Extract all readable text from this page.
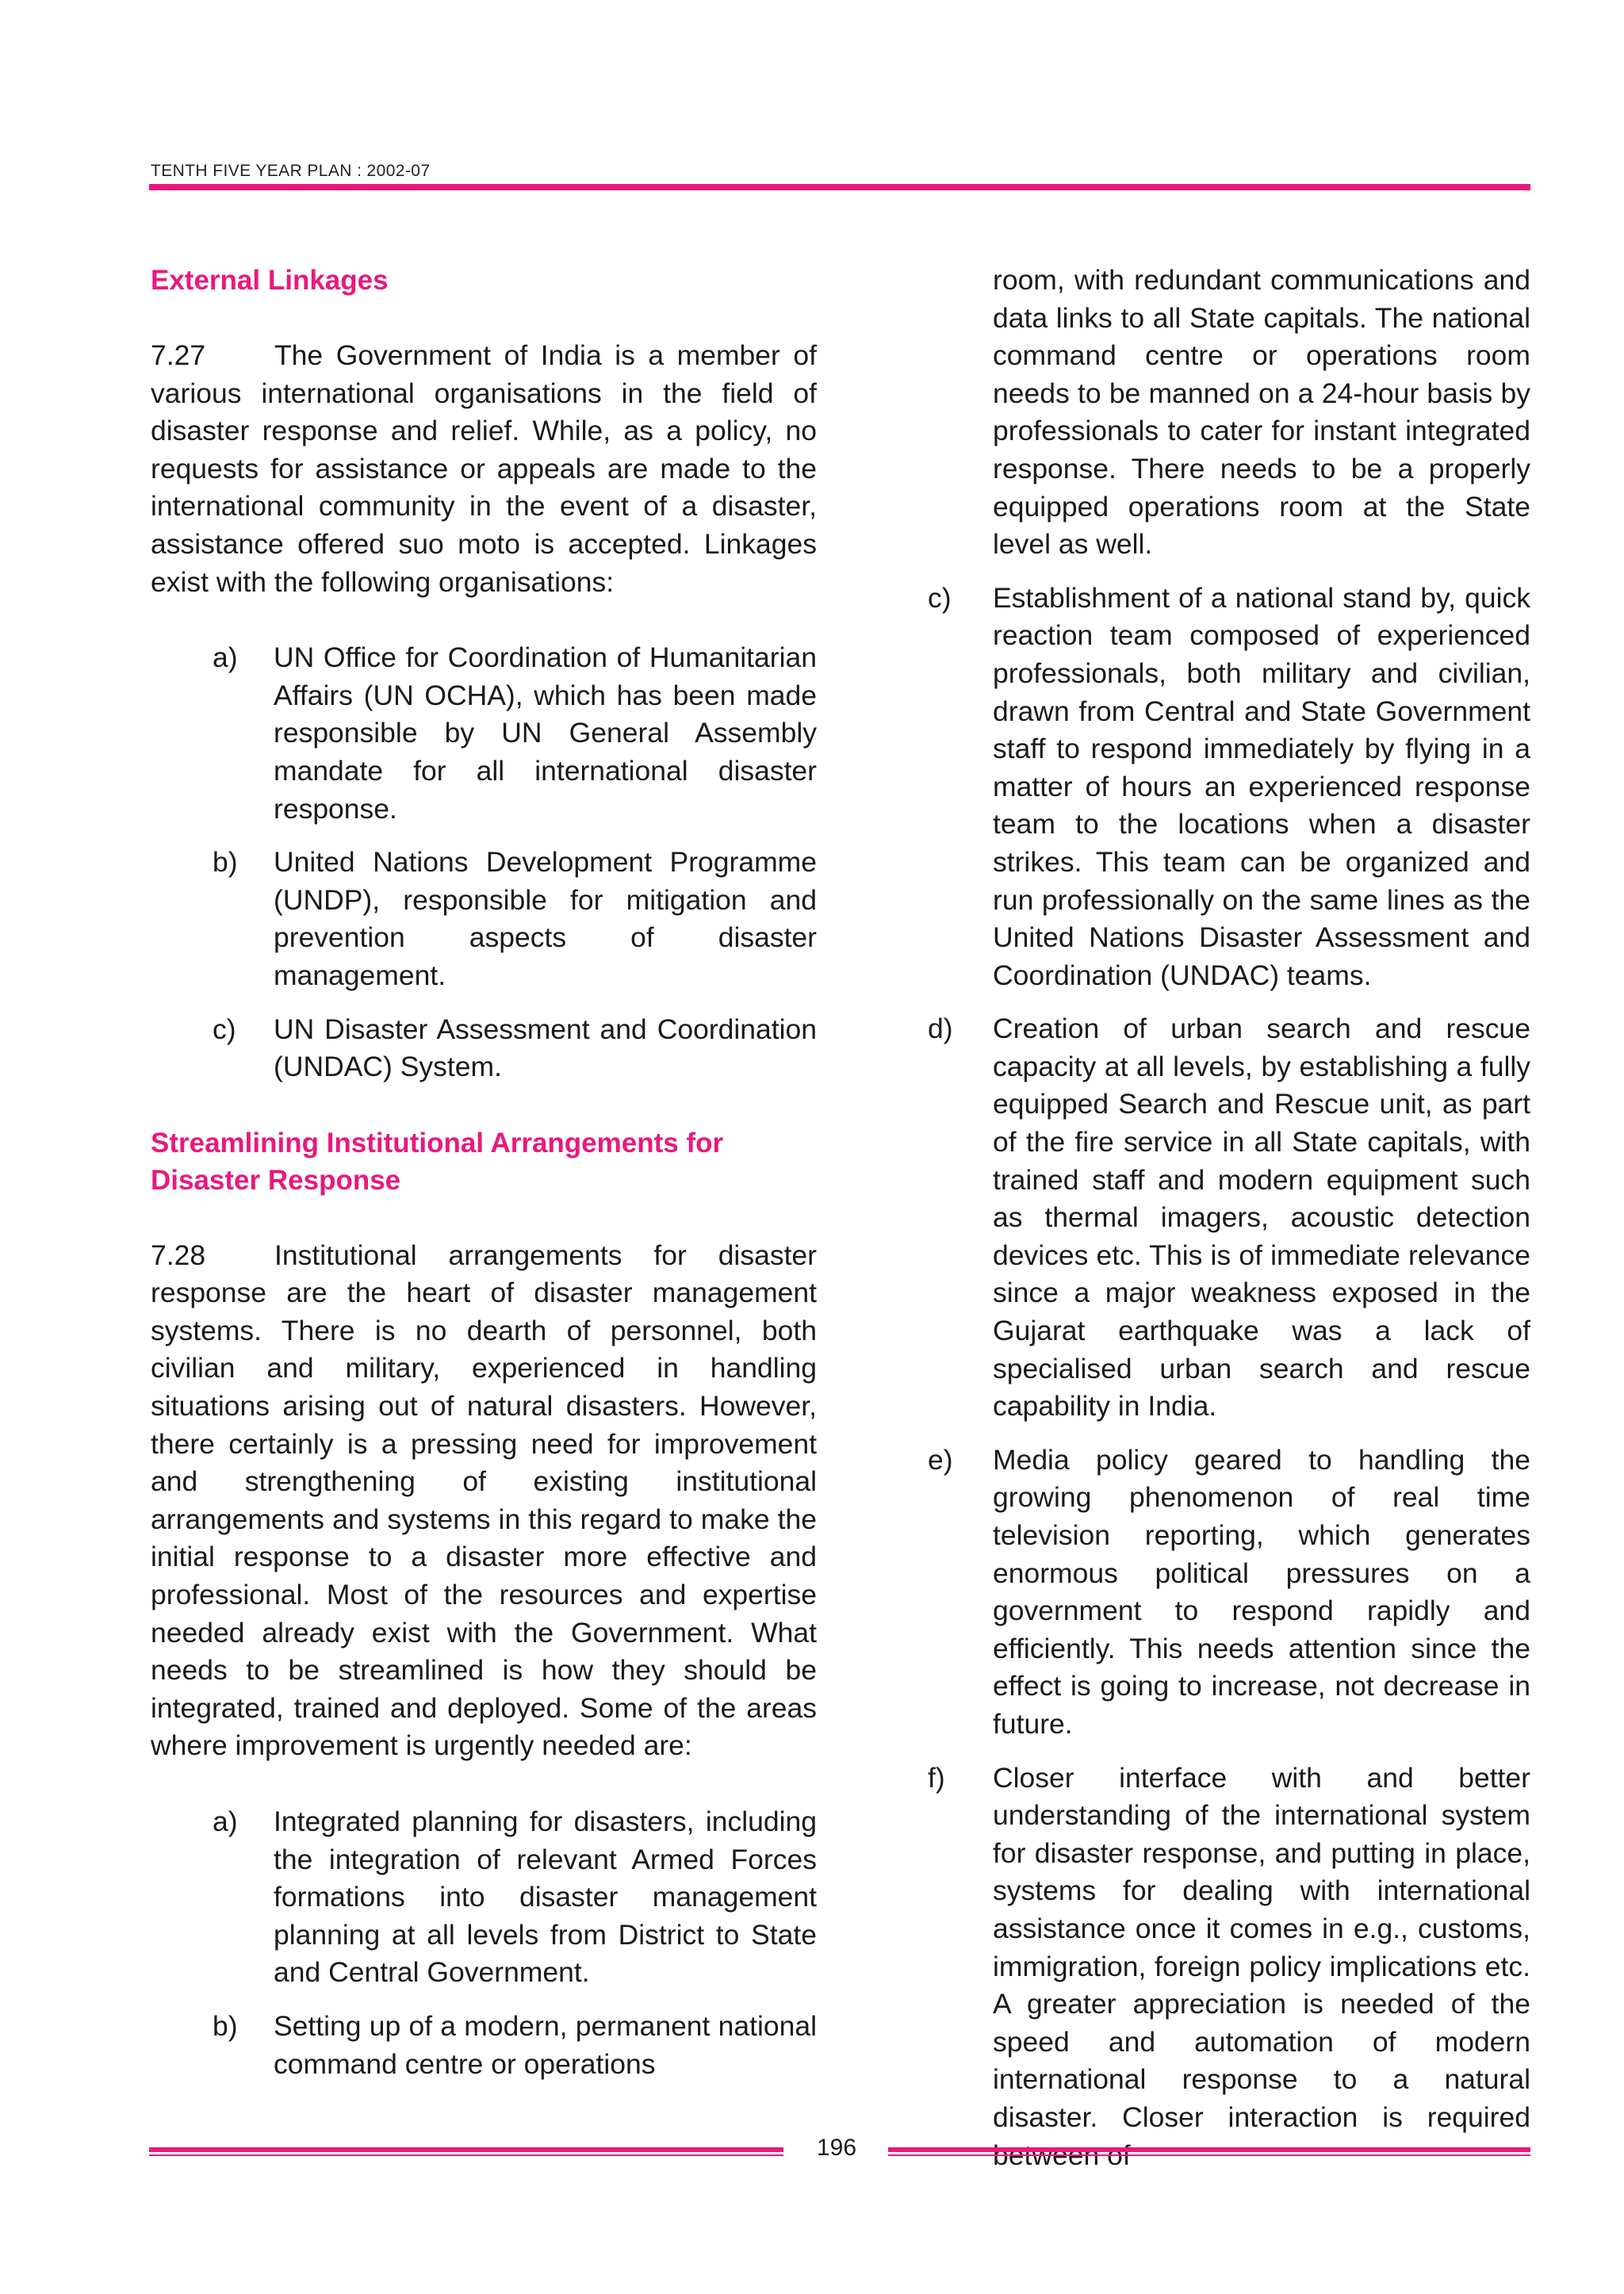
TENTH FIVE YEAR PLAN : 2002-07
External Linkages
7.27 The Government of India is a member of various international organisations in the field of disaster response and relief. While, as a policy, no requests for assistance or appeals are made to the international community in the event of a disaster, assistance offered suo moto is accepted. Linkages exist with the following organisations:
a) UN Office for Coordination of Humanitarian Affairs (UN OCHA), which has been made responsible by UN General Assembly mandate for all international disaster response.
b) United Nations Development Programme (UNDP), responsible for mitigation and prevention aspects of disaster management.
c) UN Disaster Assessment and Coordination (UNDAC) System.
Streamlining Institutional Arrangements for Disaster Response
7.28 Institutional arrangements for disaster response are the heart of disaster management systems. There is no dearth of personnel, both civilian and military, experienced in handling situations arising out of natural disasters. However, there certainly is a pressing need for improvement and strengthening of existing institutional arrangements and systems in this regard to make the initial response to a disaster more effective and professional. Most of the resources and expertise needed already exist with the Government. What needs to be streamlined is how they should be integrated, trained and deployed. Some of the areas where improvement is urgently needed are:
a) Integrated planning for disasters, including the integration of relevant Armed Forces formations into disaster management planning at all levels from District to State and Central Government.
b) Setting up of a modern, permanent national command centre or operations
room, with redundant communications and data links to all State capitals. The national command centre or operations room needs to be manned on a 24-hour basis by professionals to cater for instant integrated response. There needs to be a properly equipped operations room at the State level as well.
c) Establishment of a national stand by, quick reaction team composed of experienced professionals, both military and civilian, drawn from Central and State Government staff to respond immediately by flying in a matter of hours an experienced response team to the locations when a disaster strikes. This team can be organized and run professionally on the same lines as the United Nations Disaster Assessment and Coordination (UNDAC) teams.
d) Creation of urban search and rescue capacity at all levels, by establishing a fully equipped Search and Rescue unit, as part of the fire service in all State capitals, with trained staff and modern equipment such as thermal imagers, acoustic detection devices etc. This is of immediate relevance since a major weakness exposed in the Gujarat earthquake was a lack of specialised urban search and rescue capability in India.
e) Media policy geared to handling the growing phenomenon of real time television reporting, which generates enormous political pressures on a government to respond rapidly and efficiently. This needs attention since the effect is going to increase, not decrease in future.
f) Closer interface with and better understanding of the international system for disaster response, and putting in place, systems for dealing with international assistance once it comes in e.g., customs, immigration, foreign policy implications etc. A greater appreciation is needed of the speed and automation of modern international response to a natural disaster. Closer interaction is required
196
